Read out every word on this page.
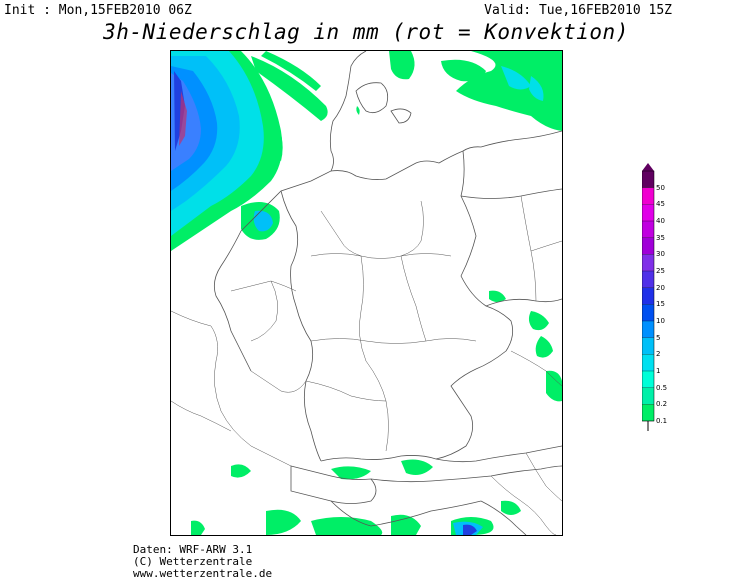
Init : Mon,15FEB2010 06Z	Valid: Tue,16FEB2010 15Z
3h-Niederschlag in mm (rot = Konvektion)
0.1
0.2
0.5
1
2
5
10
15
20
25
30
35
40
45
50
Daten: WRF-ARW 3.1
(C) Wetterzentrale
www.wetterzentrale.de
